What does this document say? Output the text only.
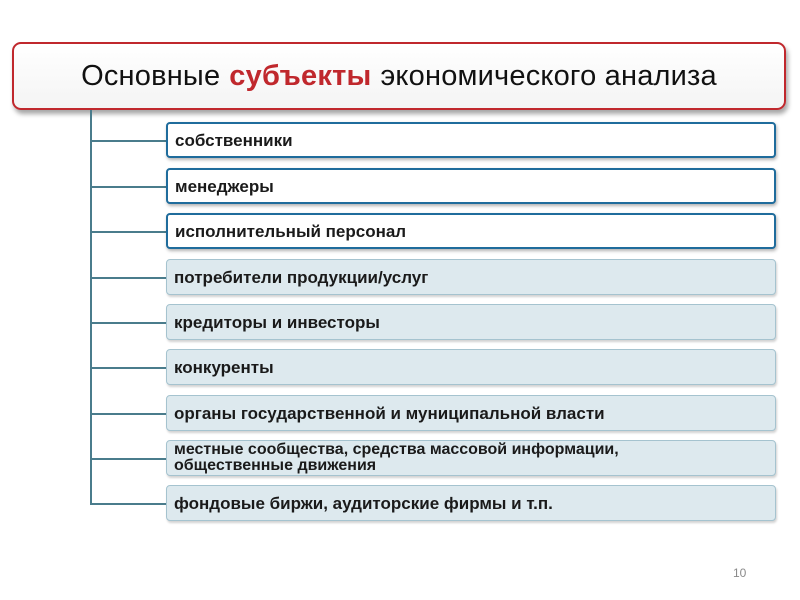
Основные субъекты экономического анализа
собственники
менеджеры
исполнительный персонал
потребители продукции/услуг
кредиторы и инвесторы
конкуренты
органы государственной и муниципальной власти
местные сообщества, средства массовой информации,
общественные движения
фондовые биржи, аудиторские фирмы и т.п.
10
